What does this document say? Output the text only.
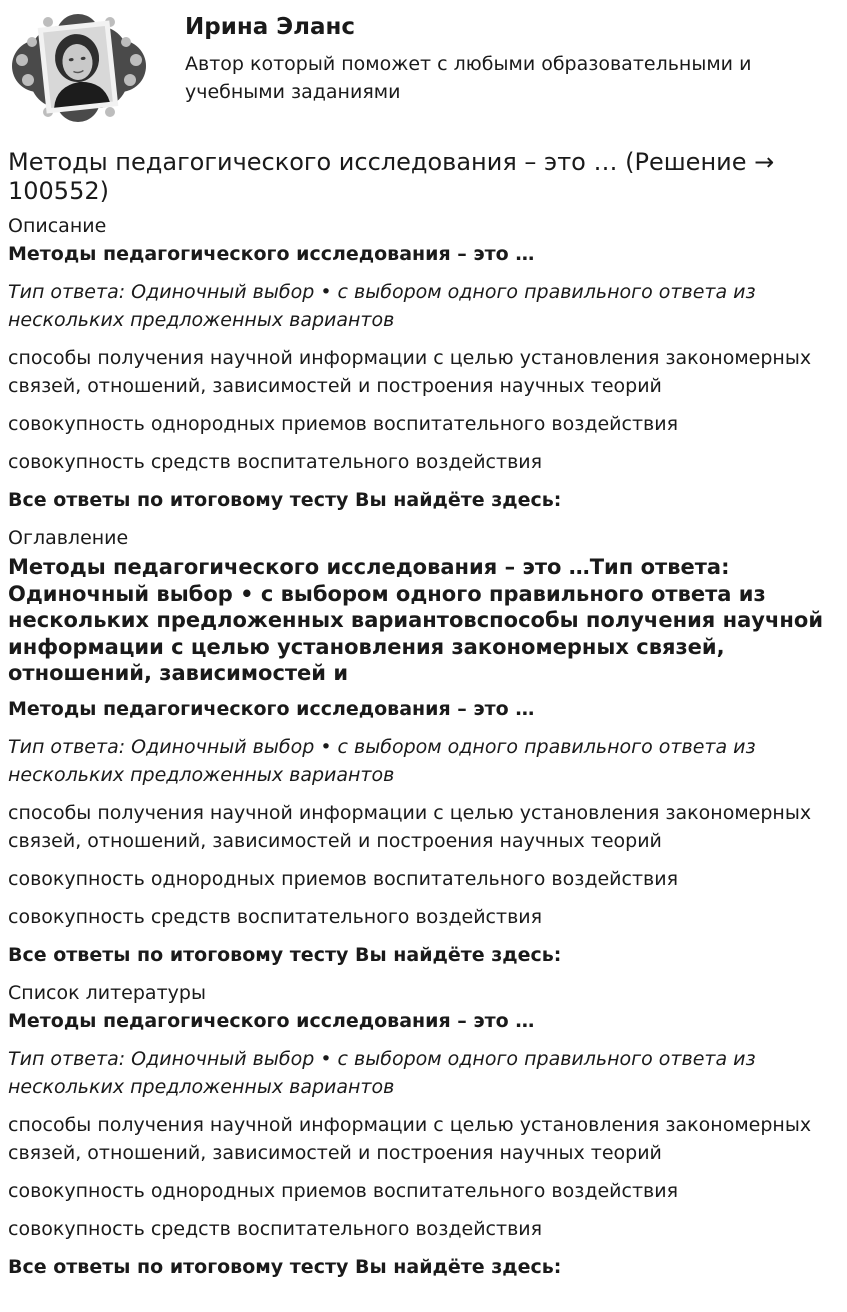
Ирина Эланс

Автор который поможет с любыми образовательными и учебными заданиями

Методы педагогического исследования – это … (Решение → 100552)

Описание

Методы педагогического исследования – это …

Тип ответа: Одиночный выбор • с выбором одного правильного ответа из нескольких предложенных вариантов

способы получения научной информации с целью установления закономерных связей, отношений, зависимостей и построения научных теорий

совокупность однородных приемов воспитательного воздействия

совокупность средств воспитательного воздействия

Все ответы по итоговому тесту Вы найдёте здесь:

Оглавление

Методы педагогического исследования – это …Тип ответа: Одиночный выбор • с выбором одного правильного ответа из нескольких предложенных вариантовспособы получения научной информации с целью установления закономерных связей, отношений, зависимостей и

Методы педагогического исследования – это …

Тип ответа: Одиночный выбор • с выбором одного правильного ответа из нескольких предложенных вариантов

способы получения научной информации с целью установления закономерных связей, отношений, зависимостей и построения научных теорий

совокупность однородных приемов воспитательного воздействия

совокупность средств воспитательного воздействия

Все ответы по итоговому тесту Вы найдёте здесь:

Список литературы

Методы педагогического исследования – это …

Тип ответа: Одиночный выбор • с выбором одного правильного ответа из нескольких предложенных вариантов

способы получения научной информации с целью установления закономерных связей, отношений, зависимостей и построения научных теорий

совокупность однородных приемов воспитательного воздействия

совокупность средств воспитательного воздействия

Все ответы по итоговому тесту Вы найдёте здесь:
